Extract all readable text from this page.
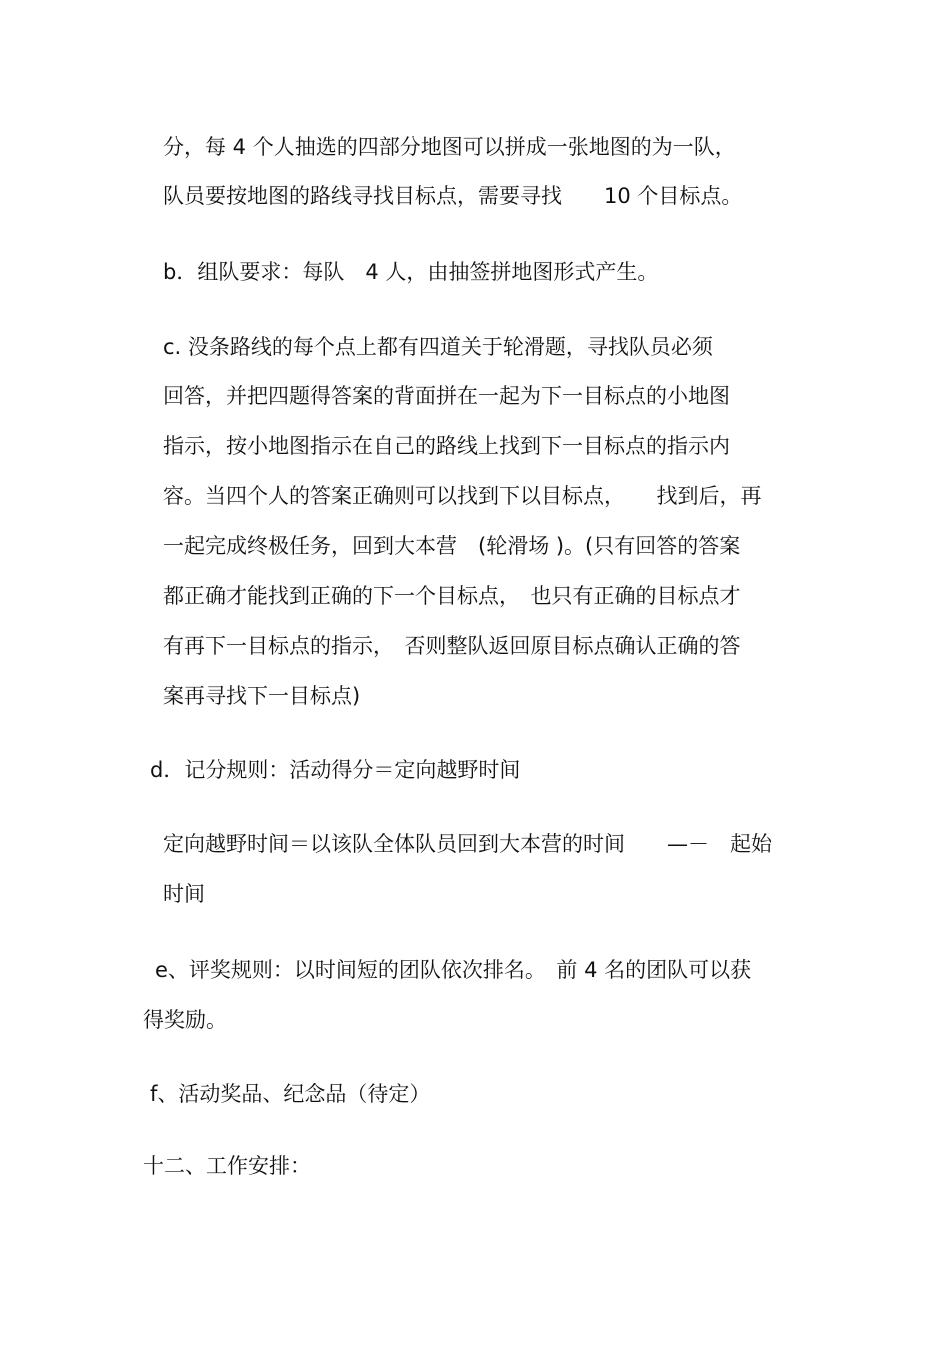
分，每 4 个人抽选的四部分地图可以拼成一张地图的为一队，

队员要按地图的路线寻找目标点，需要寻找　　10 个目标点。

b．组队要求：每队　4 人，由抽签拼地图形式产生。

c. 没条路线的每个点上都有四道关于轮滑题，寻找队员必须

回答，并把四题得答案的背面拼在一起为下一目标点的小地图

指示，按小地图指示在自己的路线上找到下一目标点的指示内

容。当四个人的答案正确则可以找到下以目标点，　　找到后，再

一起完成终极任务，回到大本营　(轮滑场 )。(只有回答的答案

都正确才能找到正确的下一个目标点，　也只有正确的目标点才

有再下一目标点的指示，　否则整队返回原目标点确认正确的答

案再寻找下一目标点)

d．记分规则：活动得分＝定向越野时间

定向越野时间＝以该队全体队员回到大本营的时间　　—－　起始

时间

e、评奖规则：以时间短的团队依次排名。　前 4 名的团队可以获

得奖励。

f、活动奖品、纪念品（待定）

十二、工作安排：
